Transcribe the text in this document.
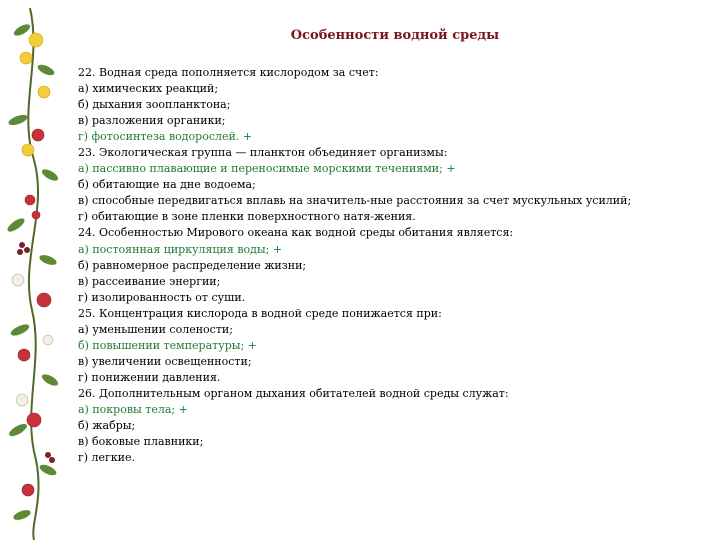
Особенности водной среды
22. Водная среда пополняется кислородом за счет:
а) химических реакций;
б) дыхания зоопланктона;
в) разложения органики;
г) фотосинтеза водорослей. +
23. Экологическая группа — планктон объединяет организмы:
а) пассивно плавающие и переносимые морскими течениями; +
б) обитающие на дне водоема;
в) способные передвигаться вплавь на значитель-ные расстояния за счет мускульных усилий;
г) обитающие в зоне пленки поверхностного натя-жения.
24. Особенностью Мирового океана как водной среды обитания является:
а) постоянная циркуляция воды; +
б) равномерное распределение жизни;
в) рассеивание энергии;
г) изолированность от суши.
25. Концентрация кислорода в водной среде понижается при:
а) уменьшении солености;
б) повышении температуры; +
в) увеличении освещенности;
г) понижении давления.
26. Дополнительным органом дыхания обитателей водной среды служат:
а) покровы тела; +
б) жабры;
в) боковые плавники;
г) легкие.
